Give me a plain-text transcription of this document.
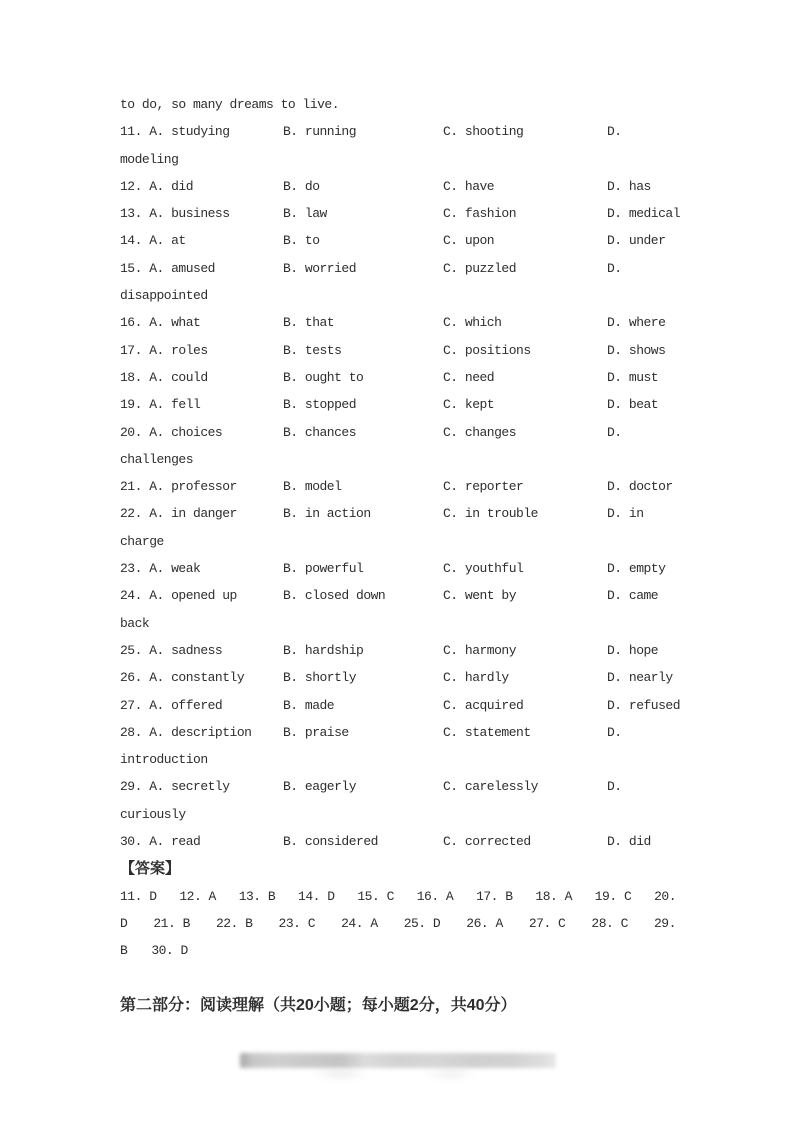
to do, so many dreams to live.
11. A. studying	B. running	C. shooting	D.
modeling
12. A. did	B. do	C. have	D. has
13. A. business	B. law	C. fashion	D. medical
14. A. at	B. to	C. upon	D. under
15. A. amused	B. worried	C. puzzled	D.
disappointed
16. A. what	B. that	C. which	D. where
17. A. roles	B. tests	C. positions	D. shows
18. A. could	B. ought to	C. need	D. must
19. A. fell	B. stopped	C. kept	D. beat
20. A. choices	B. chances	C. changes	D.
challenges
21. A. professor	B. model	C. reporter	D. doctor
22. A. in danger	B. in action	C. in trouble	D. in
charge
23. A. weak	B. powerful	C. youthful	D. empty
24. A. opened up	B. closed down	C. went by	D. came
back
25. A. sadness	B. hardship	C. harmony	D. hope
26. A. constantly	B. shortly	C. hardly	D. nearly
27. A. offered	B. made	C. acquired	D. refused
28. A. description	B. praise	C. statement	D.
introduction
29. A. secretly	B. eagerly	C. carelessly	D.
curiously
30. A. read	B. considered	C. corrected	D. did
【答案】
11. D 12. A 13. B 14. D 15. C 16. A 17. B 18. A 19. C 20.
D 21. B 22. B 23. C 24. A 25. D 26. A 27. C 28. C 29.
B 30. D
第二部分：阅读理解（共20小题；每小题2分，共40分）
